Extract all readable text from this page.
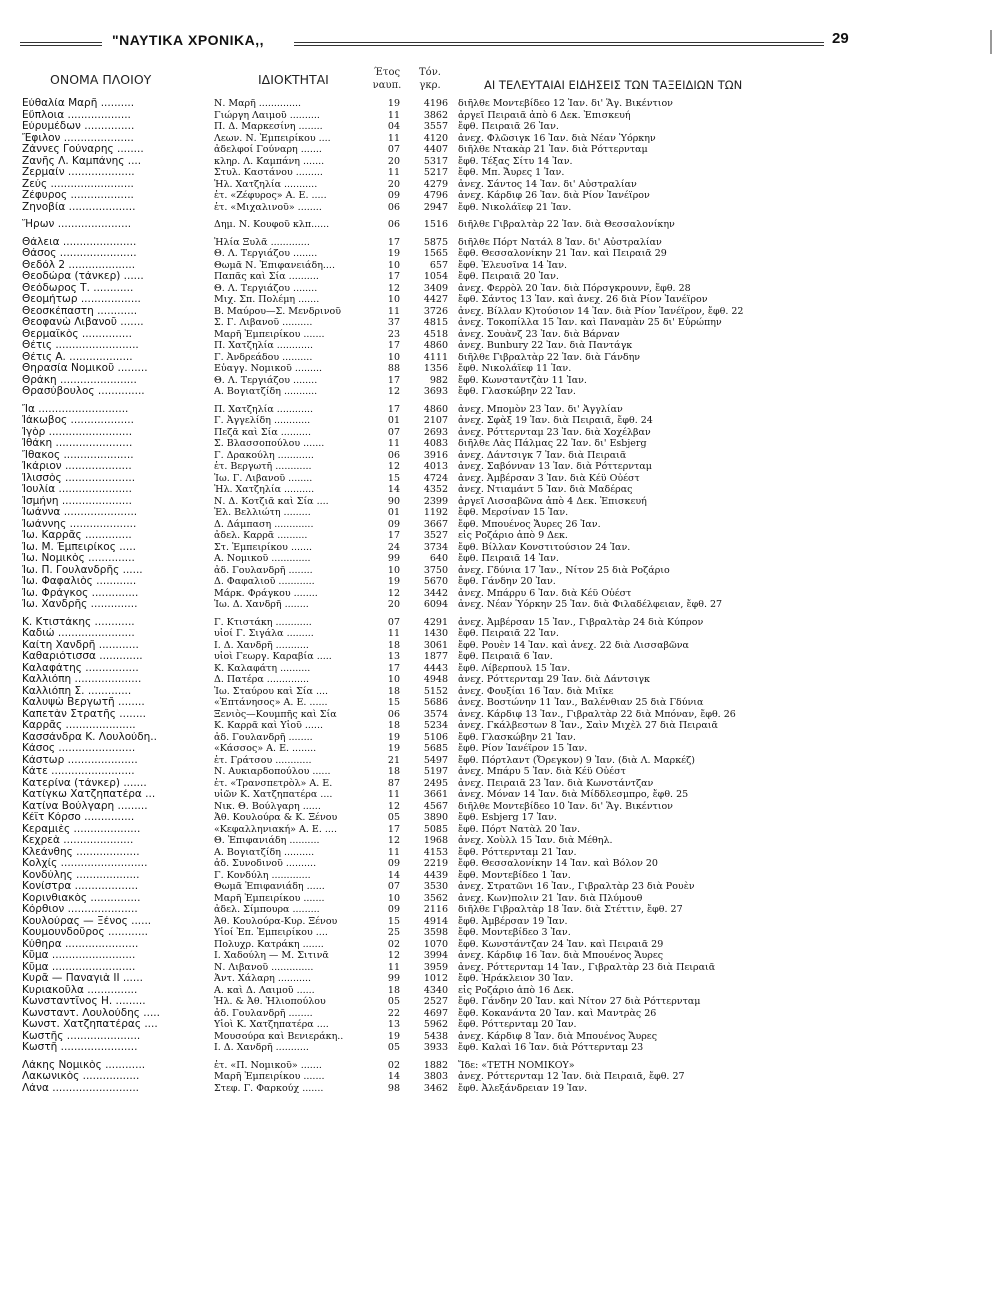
"ΝΑΥΤΙΚΑ ΧΡΟΝΙΚΑ,,	29
ΟΝΟΜΑ ΠΛΟΙΟΥ	ΙΔΙΟΚΤΗΤΑΙ	Έτος ναυπ.
Τόν. γκρ.	ΑΙ ΤΕΛΕΥΤΑΙΑΙ ΕΙΔΗΣΕΙΣ ΤΩΝ ΤΑΞΕΙΔΙΩΝ ΤΩΝ
Εὐθαλία Μαρῆ ..........	Ν. Μαρῆ ..............	19	4196 διῆλθε Μοντεβίδεο 12 Ἰαν. δι' Ἅγ. Βικέντιον
Εὔπλοια ...................	Γιώργη Λαιμοῦ ..........	11	3862 ἀργεῖ Πειραιᾶ ἀπὸ 6 Δεκ. Ἐπισκευή
Εὐρυμέδων ...............	Π. Δ. Μαρκεσίνη ........	04	3557 ἔφθ. Πειραιᾶ 26 Ἰαν.
Ἔφιλον .....................	Λεων. Ν. Ἐμπειρίκου ....	11	4120 ἀνεχ. Φλῶσιγκ 16 Ἰαν. διὰ Νέαν Ὑόρκην
Ζάννες Γούναρης ........	ἀδελφοί Γούναρη .......	07	4407 διῆλθε Ντακὰρ 21 Ἰαν. διὰ Ρόττερνταμ
Ζανῆς Λ. Καμπάνης ....	κληρ. Λ. Καμπάνη .......	20	5317 ἔφθ. Τέξας Σίτυ 14 Ἰαν.
Ζερμαίν ....................	Στυλ. Καστάνου .........	11	5217 ἔφθ. Μπ. Ἄυρες 1 Ἰαν.
Ζεύς .........................	Ἠλ. Χατζηλία ...........	20	4279 ἀνεχ. Σάντος 14 Ἰαν. δι' Αὐστραλίαν
Ζέφυρος ...................	ἑτ. «Ζέφυρος» Α. Ε. .....	09	4796 ἀνεχ. Κάρδιφ 26 Ἰαν. διὰ Ρίον Ἰανέϊρον
Ζηνοβία ....................	ἑτ. «Μιχαλινοῦ» ........	06	2947 ἔφθ. Νικολάϊεφ 21 Ἰαν.
Ἥρων ......................	Δημ. Ν. Κουφοῦ κλπ......	06	1516 διῆλθε Γιβραλτὰρ 22 Ἰαν. διὰ Θεσσαλονίκην
Θάλεια ......................	Ἠλία Ξυλᾶ .............	17	5875 διῆλθε Πόρτ Νατάλ 8 Ἰαν. δι' Αὐστραλίαν
Θάσος .......................	Θ. Λ. Τεργιάζου ........	19	1565 ἔφθ. Θεσσαλονίκην 21 Ἰαν. καὶ Πειραιᾶ 29
Θεδόλ 2 ....................	Θωμᾶ Ν. Ἐπιφανειάδη....	10	657 ἔφθ. Ἐλευσῖνα 14 Ἰαν.
Θεοδώρα (τάνκερ) ......	Παπᾶς καὶ Σία ..........	17	1054 ἔφθ. Πειραιᾶ 20 Ἰαν.
Θεόδωρος Τ. ............	Θ. Λ. Τεργιάζου ........	12	3409 ἀνεχ. Φερρὸλ 20 Ἰαν. διὰ Πόρσγκρουνν, ἔφθ. 28
Θεομήτωρ ..................	Μιχ. Σπ. Πολέμη .......	10	4427 ἔφθ. Σάντος 13 Ἰαν. καὶ ἀνεχ. 26 διὰ Ρίον Ἰανέϊρον
Θεοσκέπαστη ............	Β. Μαύρου—Σ. Μενδρινοῦ	11	3726 ἀνεχ. Βίλλαν Κ)τούσιον 14 Ἰαν. διὰ Ρίον Ἰανέϊρον, ἔφθ. 22
Θεοφανὼ Λιβανοῦ .......	Σ. Γ. Λιβανοῦ ..........	37	4815 ἀνεχ. Τοκοπίλλα 15 Ἰαν. καὶ Παναμὰν 25 δι' Εὐρώπην
Θερμαϊκὸς ...............	Μαρῆ Ἐμπειρίκου .......	23	4518 ἀνεχ. Σουὰνζ 23 Ἰαν. διὰ Βάρναν
Θέτις .........................	Π. Χατζηλία ............	17	4860 ἀνεχ. Bunbury 22 Ἰαν. διὰ Παντάγκ
Θέτις Α. ...................	Γ. Ἀνδρεάδου ..........	10	4111 διῆλθε Γιβραλτὰρ 22 Ἰαν. διὰ Γάνδην
Θηρασία Νομικοῦ .........	Εὐαγγ. Νομικοῦ .........	88	1356 ἔφθ. Νικολάϊεφ 11 Ἰαν.
Θράκη .......................	Θ. Λ. Τεργιάζου ........	17	982 ἔφθ. Κωνσταντζὰν 11 Ἰαν.
Θρασύβουλος ..............	Α. Βογιατζίδη ...........	12	3693 ἔφθ. Γλασκώβην 22 Ἰαν.
Ἴα ...........................	Π. Χατζηλία ............	17	4860 ἀνεχ. Μπομὸν 23 Ἰαν. δι' Ἀγγλίαν
Ἰάκωβος ...................	Γ. Ἀγγελίδη ............	01	2107 ἀνεχ. Σφὰξ 19 Ἰαν. διὰ Πειραιᾶ, ἔφθ. 24
Ἰγὸρ .........................	Πεζᾶ καὶ Σία ..........	07	2693 ἀνεχ. Ρόττερνταμ 23 Ἰαν. διὰ Χοχέλβαν
Ἰθάκη .......................	Σ. Βλασσοπούλου .......	11	4083 διῆλθε Λὰς Πάλμας 22 Ἰαν. δι' Esbjerg
Ἴθακος .....................	Γ. Δρακούλη ............	06	3916 ἀνεχ. Δάντσιγκ 7 Ἰαν. διὰ Πειραιᾶ
Ἰκάριον ....................	ἑτ. Βεργωτῆ ............	12	4013 ἀνεχ. Σαβόνναν 13 Ἰαν. διὰ Ρόττερνταμ
Ἰλισσὸς .....................	Ἰω. Γ. Λιβανοῦ ........	15	4724 ἀνεχ. Ἀμβέρσαν 3 Ἰαν. διὰ Κέϋ Οὐέστ
Ἰουλία ......................	Ἠλ. Χατζηλία ..........	14	4352 ἀνεχ. Ντιαμάντ 5 Ἰαν. διὰ Μαδέρας
Ἰσμήνη .....................	Ν. Δ. Κοτζιᾶ καὶ Σία ....	90	2399 ἀργεῖ Λισσαβῶνα ἀπὸ 4 Δεκ. Ἐπισκευή
Ἰωάννα ......................	Ἐλ. Βελλιώτη .........	01	1192 ἔφθ. Μερσίναν 15 Ἰαν.
Ἰωάννης ....................	Δ. Δάμπαση .............	09	3667 ἔφθ. Μπουένος Ἄυρες 26 Ἰαν.
Ἰω. Καρρᾶς ..............	ἀδελ. Καρρᾶ ..........	17	3527 εἰς Ροζάριο ἀπὸ 9 Δεκ.
Ἰω. Μ. Ἐμπειρίκος .....	Στ. Ἐμπειρίκου .......	24	3734 ἔφθ. Βίλλαν Κονστιτούσιον 24 Ἰαν.
Ἰω. Νομικὸς ..............	Α. Νομικοῦ .............	99	640 ἔφθ. Πειραιᾶ 14 Ἰαν.
Ἰω. Π. Γουλανδρῆς ......	ἀδ. Γουλανδρῆ ........	10	3750 ἀνεχ. Γδύνια 17 Ἰαν., Νίτον 25 διὰ Ροζάριο
Ἰω. Φαφαλιὸς ............	Δ. Φαφαλιοῦ ............	19	5670 ἔφθ. Γάνδην 20 Ἰαν.
Ἰω. Φράγκος ..............	Μάρκ. Φράγκου ........	12	3442 ἀνεχ. Μπάρρυ 6 Ἰαν. διὰ Κέϋ Οὐέστ
Ἰω. Χανδρῆς ..............	Ἰω. Δ. Χανδρῆ ........	20	6094 ἀνεχ. Νέαν Ὑόρκην 25 Ἰαν. διὰ Φιλαδέλφειαν, ἔφθ. 27
Κ. Κτιστάκης ............	Γ. Κτιστάκη ............	07	4291 ἀνεχ. Ἀμβέρσαν 15 Ἰαν., Γιβραλτὰρ 24 διὰ Κύπρον
Καδιώ .......................	υἱοί Γ. Σιγάλα .........	11	1430 ἔφθ. Πειραιᾶ 22 Ἰαν.
Καίτη Χανδρῆ ............	Ι. Δ. Χανδρῆ ...........	18	3061 ἔφθ. Ρουὲν 14 Ἰαν. καὶ ἀνεχ. 22 διὰ Λισσαβῶνα
Καθαριότισσα .............	υἱοὶ Γεωργ. Καραβία .....	13	1877 ἔφθ. Πειραιᾶ 6 Ἰαν.
Καλαφάτης ................	Κ. Καλαφάτη ..........	17	4443 ἔφθ. Λίβερπουλ 15 Ἰαν.
Καλλιόπη ....................	Δ. Πατέρα ..............	10	4948 ἀνεχ. Ρόττερνταμ 29 Ἰαν. διὰ Δάντσιγκ
Καλλιόπη Σ. .............	Ἰω. Σταύρου καὶ Σία ....	18	5152 ἀνεχ. Φουξίαι 16 Ἰαν. διὰ Μιῖκε
Καλυψὼ Βεργωτῆ ........	«Ἑπτάνησος» Α. Ε. ......	15	5686 ἀνεχ. Βοστώνην 11 Ἰαν., Βαλένθιαν 25 διὰ Γδύνια
Καπετὰν Στρατῆς ........	Ξενιὸς—Κουμπῆς καὶ Σία	06	3574 ἀνεχ. Κάρδιφ 13 Ἰαν., Γιβραλτὰρ 22 διὰ Μπόναν, ἔφθ. 26
Καρρᾶς .....................	Κ. Καρρᾶ καὶ Υἱοῦ ......	18	5234 ἀνεχ. Γκάλβεστων 8 Ἰαν., Σαὶν Μιχὲλ 27 διὰ Πειραιᾶ
Κασσάνδρα Κ. Λουλούδη..	ἀδ. Γουλανδρῆ ........	19	5106 ἔφθ. Γλασκώβην 21 Ἰαν.
Κάσος .......................	«Κάσσος» Α. Ε. ........	19	5685 ἔφθ. Ρίον Ἰανέϊρον 15 Ἰαν.
Κάστωρ .....................	ἑτ. Γράτσου ............	21	5497 ἔφθ. Πόρτλαντ (Ὄρεγκον) 9 Ἰαν. (διὰ Λ. Μαρκέζ)
Κάτε .........................	Ν. Αυκιαρδοπούλου ......	18	5197 ἀνεχ. Μπάρυ 5 Ἰαν. διὰ Κέϋ Οὐέστ
Κατερίνα (τάνκερ) .......	ἑτ. «Τρανσπετρὸλ» Α. Ε.	87	2495 ἀνεχ. Πειραιᾶ 23 Ἰαν. διὰ Κωνστάντζαν
Κατίγκω Χατζηπατέρα ...	υἱῶν Κ. Χατζηπατέρα ....	11	3661 ἀνεχ. Μόναν 14 Ἰαν. διὰ Μίδδλεσμπρο, ἔφθ. 25
Κατίνα Βούλγαρη .........	Νικ. Θ. Βούλγαρη ......	12	4567 διῆλθε Μοντεβίδεο 10 Ἰαν. δι' Ἅγ. Βικέντιον
Κέϊτ Κόρσο ...............	Ἀθ. Κουλούρα & Κ. Ξένου	05	3890 ἔφθ. Esbjerg 17 Ἰαν.
Κεραμιὲς ....................	«Κεφαλληνιακή» Α. Ε. ....	17	5085 ἔφθ. Πόρτ Νατὰλ 20 Ἰαν.
Κεχρεὰ .....................	Θ. Ἐπιφανιάδη ..........	12	1968 ἀνεχ. Χοὺλλ 15 Ἰαν. διὰ Μέθηλ.
Κλεάνθης ...................	Α. Βογιατζίδη ..........	11	4153 ἔφθ. Ρόττερνταμ 21 Ἰαν.
Κολχίς ..........................	ἀδ. Συνοδινοῦ ..........	09	2219 ἔφθ. Θεσσαλονίκην 14 Ἰαν. καὶ Βόλον 20
Κονδύλης ...................	Γ. Κονδύλη .............	14	4439 ἔφθ. Μοντεβίδεο 1 Ἰαν.
Κονίστρα ...................	Θωμᾶ Ἐπιφανιάδη ......	07	3530 ἀνεχ. Στρατῶνι 16 Ἰαν., Γιβραλτὰρ 23 διὰ Ρουὲν
Κορινθιακὸς ...............	Μαρῆ Ἐμπειρίκου .......	10	3562 ἀνεχ. Κων)πολιν 21 Ἰαν. διὰ Πλύμουθ
Κόρθιον .....................	ἀδελ. Σίμπουρα .........	09	2116 διῆλθε Γιβραλτὰρ 18 Ἰαν. διὰ Στέττιν, ἔφθ. 27
Κουλούρας — Ξένος ......	Ἀθ. Κουλούρα-Κυρ. Ξένου	15	4914 ἔφθ. Ἀμβέρσαν 19 Ἰαν.
Κουμουνδοῦρος ............	Υἱοί Ἐπ. Ἐμπειρίκου ....	25	3598 ἔφθ. Μοντεβίδεο 3 Ἰαν.
Κύθηρα ......................	Πολυχρ. Κατράκη .......	02	1070 ἔφθ. Κωνστάντζαν 24 Ἰαν. καὶ Πειραιᾶ 29
Κῦμα .........................	Ι. Χαδούλη — Μ. Σιτινᾶ	12	3994 ἀνεχ. Κάρδιφ 16 Ἰαν. διὰ Μπουένος Ἄυρες
Κῦμα .........................	Ν. Λιβανοῦ ..............	11	3959 ἀνεχ. Ρόττερνταμ 14 Ἰαν., Γιβραλτὰρ 23 διὰ Πειραιᾶ
Κυρᾶ — Παναγιὰ ΙΙ ......	Ἀντ. Χάλαρη ...........	99	1012 ἔφθ. Ἡράκλειον 30 Ἰαν.
Κυριακοῦλα ...............	Α. καὶ Δ. Λαιμοῦ ......	18	4340 εἰς Ροζάριο ἀπὸ 16 Δεκ.
Κωνσταντῖνος Η. .........	Ἠλ. & Ἀθ. Ἡλιοπούλου	05	2527 ἔφθ. Γάνδην 20 Ἰαν. καὶ Νίτον 27 διὰ Ρόττερνταμ
Κωνσταντ. Λουλούδης .....	ἀδ. Γουλανδρῆ ........	22	4697 ἔφθ. Κοκανάντα 20 Ἰαν. καὶ Μαντρὰς 26
Κωνστ. Χατζηπατέρας ....	Υἱοὶ Κ. Χατζηπατέρα ....	13	5962 ἔφθ. Ρόττερνταμ 20 Ἰαν.
Κωστῆς ......................	Μουσούρα καὶ Βενιεράκη..	19	5438 ἀνεχ. Κάρδιφ 8 Ἰαν. διὰ Μπουένος Ἄυρες
Κωστῆ .......................	Ι. Δ. Χανδρῆ ...........	05	3933 ἔφθ. Καλαὶ 16 Ἰαν. διὰ Ρόττερνταμ 23
Λάκης Νομικὸς ............	ἑτ. «Π. Νομικοῦ» .......	02	1882 Ἴδε: «ΤΕΤΗ ΝΟΜΙΚΟΥ»
Λακωνικὸς .................	Μαρῆ Ἐμπειρίκου .......	14	3803 ἀνεχ. Ρόττερνταμ 12 Ἰαν. διὰ Πειραιᾶ, ἔφθ. 27
Λάνα ..........................	Στεφ. Γ. Φαρκούχ .......	98	3462 ἔφθ. Ἀλεξάνδρειαν 19 Ἰαν.
